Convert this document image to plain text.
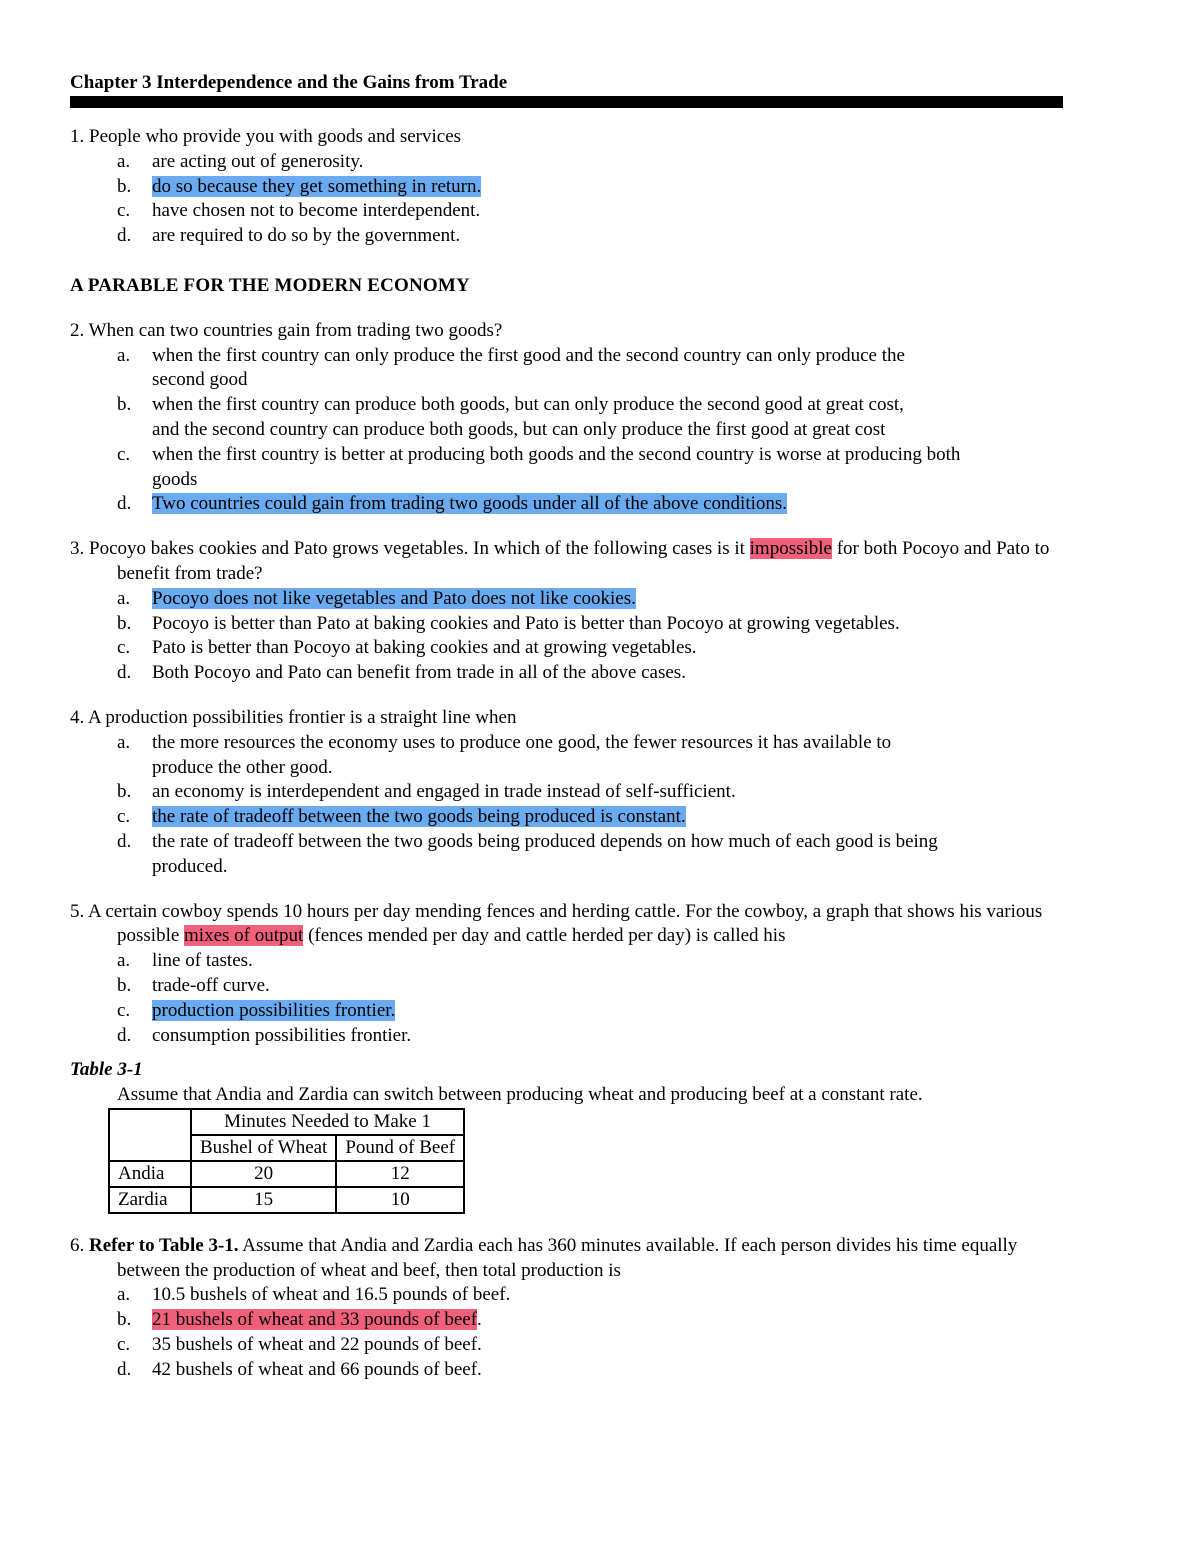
Chapter 3 Interdependence and the Gains from Trade

1. People who provide you with goods and services
a. are acting out of generosity.
b. do so because they get something in return.
c. have chosen not to become interdependent.
d. are required to do so by the government.

A PARABLE FOR THE MODERN ECONOMY

2. When can two countries gain from trading two goods?
a. when the first country can only produce the first good and the second country can only produce the second good
b. when the first country can produce both goods, but can only produce the second good at great cost, and the second country can produce both goods, but can only produce the first good at great cost
c. when the first country is better at producing both goods and the second country is worse at producing both goods
d. Two countries could gain from trading two goods under all of the above conditions.
3. Pocoyo bakes cookies and Pato grows vegetables. In which of the following cases is it impossible for both Pocoyo and Pato to benefit from trade?
a. Pocoyo does not like vegetables and Pato does not like cookies.
b. Pocoyo is better than Pato at baking cookies and Pato is better than Pocoyo at growing vegetables.
c. Pato is better than Pocoyo at baking cookies and at growing vegetables.
d. Both Pocoyo and Pato can benefit from trade in all of the above cases.
4. A production possibilities frontier is a straight line when
a. the more resources the economy uses to produce one good, the fewer resources it has available to produce the other good.
b. an economy is interdependent and engaged in trade instead of self-sufficient.
c. the rate of tradeoff between the two goods being produced is constant.
d. the rate of tradeoff between the two goods being produced depends on how much of each good is being produced.
5. A certain cowboy spends 10 hours per day mending fences and herding cattle. For the cowboy, a graph that shows his various possible mixes of output (fences mended per day and cattle herded per day) is called his
a. line of tastes.
b. trade-off curve.
c. production possibilities frontier.
d. consumption possibilities frontier.

Table 3-1

Assume that Andia and Zardia can switch between producing wheat and producing beef at a constant rate.

	Minutes Needed to Make 1	
	Bushel of Wheat	Pound of Beef
Andia	20	12
Zardia	15	10
6. Refer to Table 3-1. Assume that Andia and Zardia each has 360 minutes available. If each person divides his time equally between the production of wheat and beef, then total production is
a. 10.5 bushels of wheat and 16.5 pounds of beef.
b. 21 bushels of wheat and 33 pounds of beef.
c. 35 bushels of wheat and 22 pounds of beef.
d. 42 bushels of wheat and 66 pounds of beef.
